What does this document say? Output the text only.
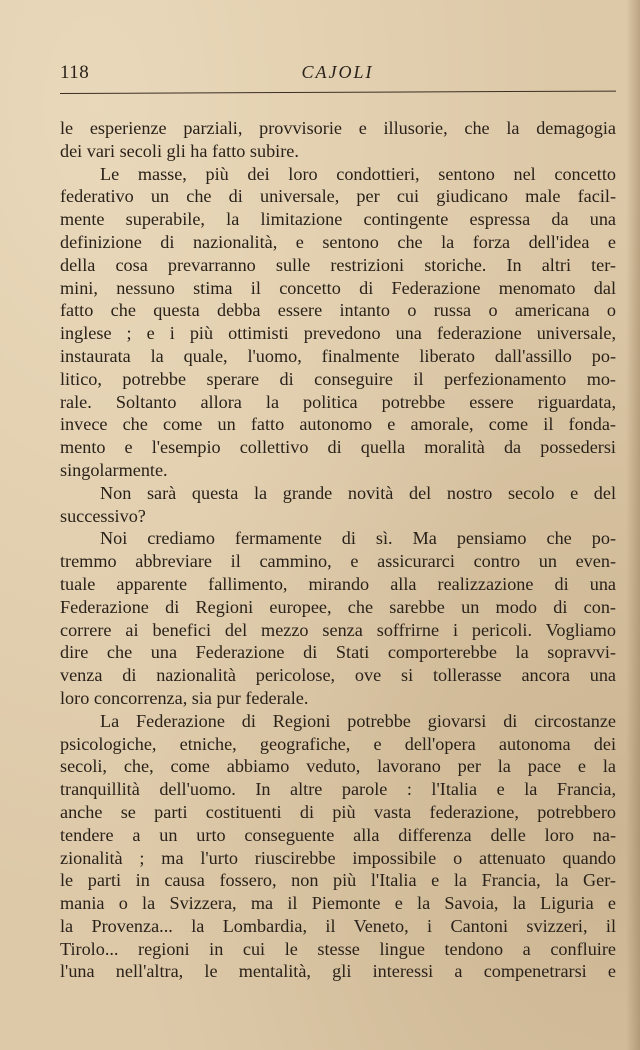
118	CAJOLI
le esperienze parziali, provvisorie e illusorie, che la demagogia
dei vari secoli gli ha fatto subire.
Le masse, più dei loro condottieri, sentono nel concetto
federativo un che di universale, per cui giudicano male facil-
mente superabile, la limitazione contingente espressa da una
definizione di nazionalità, e sentono che la forza dell'idea e
della cosa prevarranno sulle restrizioni storiche. In altri ter-
mini, nessuno stima il concetto di Federazione menomato dal
fatto che questa debba essere intanto o russa o americana o
inglese ; e i più ottimisti prevedono una federazione universale,
instaurata la quale, l'uomo, finalmente liberato dall'assillo po-
litico, potrebbe sperare di conseguire il perfezionamento mo-
rale. Soltanto allora la politica potrebbe essere riguardata,
invece che come un fatto autonomo e amorale, come il fonda-
mento e l'esempio collettivo di quella moralità da possedersi
singolarmente.
Non sarà questa la grande novità del nostro secolo e del
successivo?
Noi crediamo fermamente di sì. Ma pensiamo che po-
tremmo abbreviare il cammino, e assicurarci contro un even-
tuale apparente fallimento, mirando alla realizzazione di una
Federazione di Regioni europee, che sarebbe un modo di con-
correre ai benefici del mezzo senza soffrirne i pericoli. Vogliamo
dire che una Federazione di Stati comporterebbe la sopravvi-
venza di nazionalità pericolose, ove si tollerasse ancora una
loro concorrenza, sia pur federale.
La Federazione di Regioni potrebbe giovarsi di circostanze
psicologiche, etniche, geografiche, e dell'opera autonoma dei
secoli, che, come abbiamo veduto, lavorano per la pace e la
tranquillità dell'uomo. In altre parole : l'Italia e la Francia,
anche se parti costituenti di più vasta federazione, potrebbero
tendere a un urto conseguente alla differenza delle loro na-
zionalità ; ma l'urto riuscirebbe impossibile o attenuato quando
le parti in causa fossero, non più l'Italia e la Francia, la Ger-
mania o la Svizzera, ma il Piemonte e la Savoia, la Liguria e
la Provenza... la Lombardia, il Veneto, i Cantoni svizzeri, il
Tirolo... regioni in cui le stesse lingue tendono a confluire
l'una nell'altra, le mentalità, gli interessi a compenetrarsi e
